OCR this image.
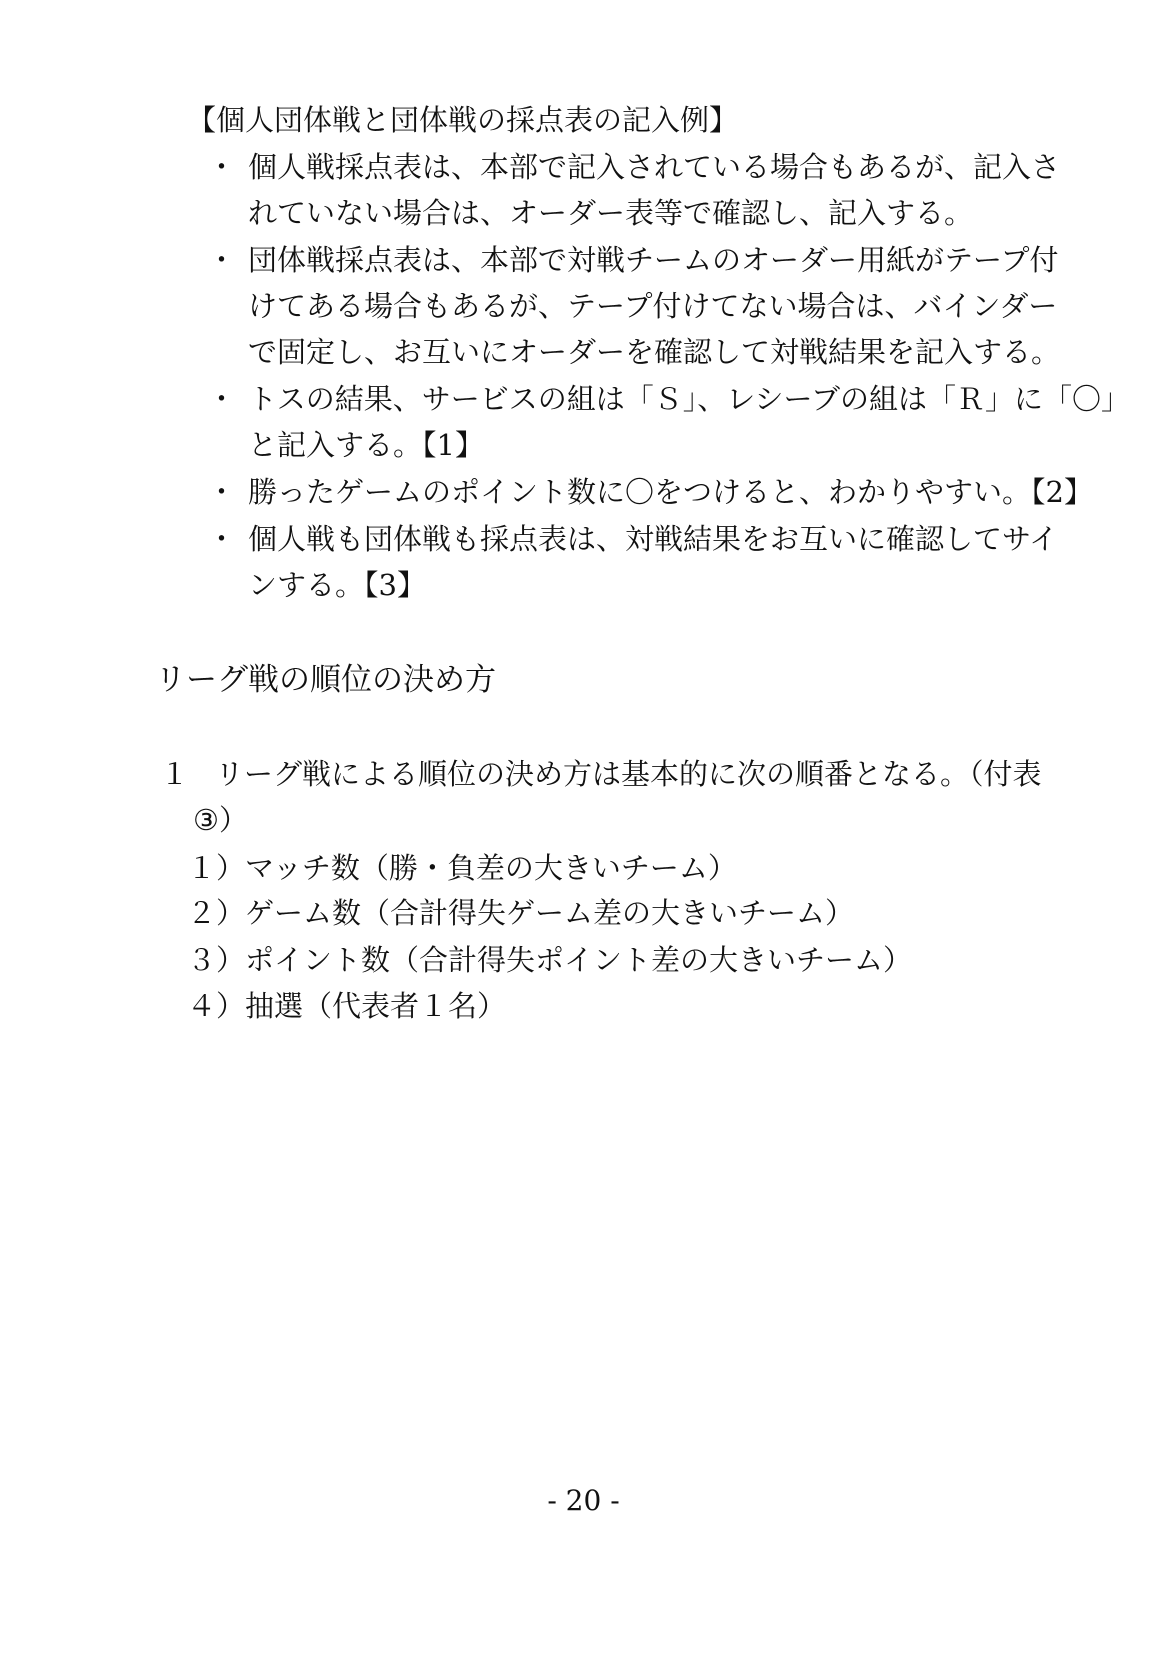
【個人団体戦と団体戦の採点表の記入例】
・ 個人戦採点表は、本部で記入されている場合もあるが、記入さ
れていない場合は、オーダー表等で確認し、記入する。
・ 団体戦採点表は、本部で対戦チームのオーダー用紙がテープ付
けてある場合もあるが、テープ付けてない場合は、バインダー
で固定し、お互いにオーダーを確認して対戦結果を記入する。
・ トスの結果、サービスの組は「Ｓ」、レシーブの組は「Ｒ」に「〇」
と記入する。【1】
・ 勝ったゲームのポイント数に〇をつけると、わかりやすい。【2】
・ 個人戦も団体戦も採点表は、対戦結果をお互いに確認してサイ
ンする。【3】
リーグ戦の順位の決め方
１ リーグ戦による順位の決め方は基本的に次の順番となる。（付表
③）
１）マッチ数（勝・負差の大きいチーム）
２）ゲーム数（合計得失ゲーム差の大きいチーム）
３）ポイント数（合計得失ポイント差の大きいチーム）
４）抽選（代表者１名）
- 20 -
